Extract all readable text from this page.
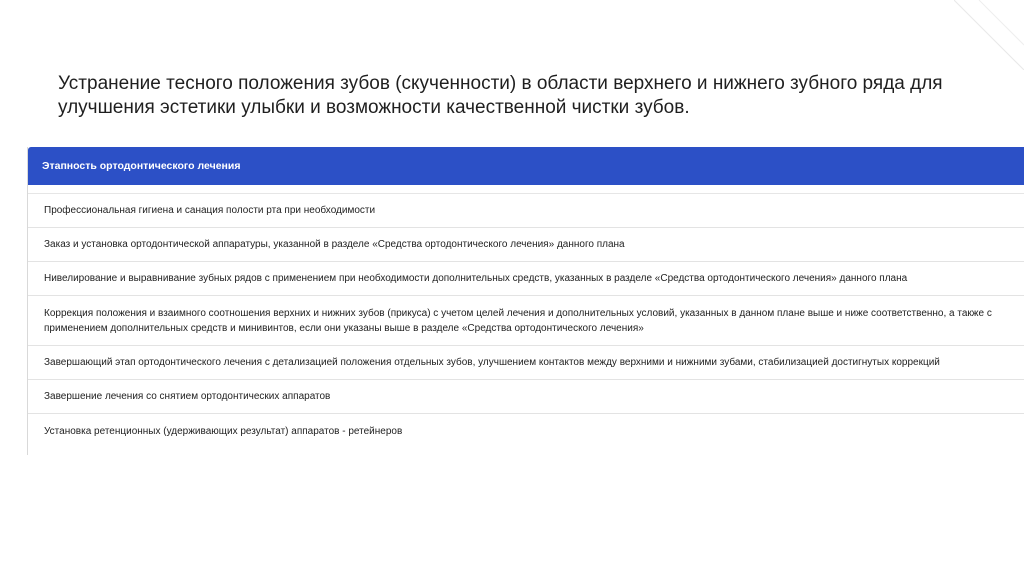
Устранение тесного положения зубов (скученности) в области верхнего и нижнего зубного ряда для улучшения эстетики улыбки и возможности качественной чистки зубов.
Этапность ортодонтического лечения
Профессиональная гигиена и санация полости рта при необходимости
Заказ и установка ортодонтической аппаратуры, указанной в разделе «Средства ортодонтического лечения» данного плана
Нивелирование и выравнивание зубных рядов с применением при необходимости дополнительных средств, указанных в разделе «Средства ортодонтического лечения» данного плана
Коррекция положения и взаимного соотношения верхних и нижних зубов (прикуса) с учетом целей лечения и дополнительных условий, указанных в данном плане выше и ниже соответственно, а также с применением дополнительных средств и минивинтов, если они указаны выше в разделе «Средства ортодонтического лечения»
Завершающий этап ортодонтического лечения с детализацией положения отдельных зубов, улучшением контактов между верхними и нижними зубами, стабилизацией достигнутых коррекций
Завершение лечения со снятием ортодонтических аппаратов
Установка ретенционных (удерживающих результат) аппаратов - ретейнеров
